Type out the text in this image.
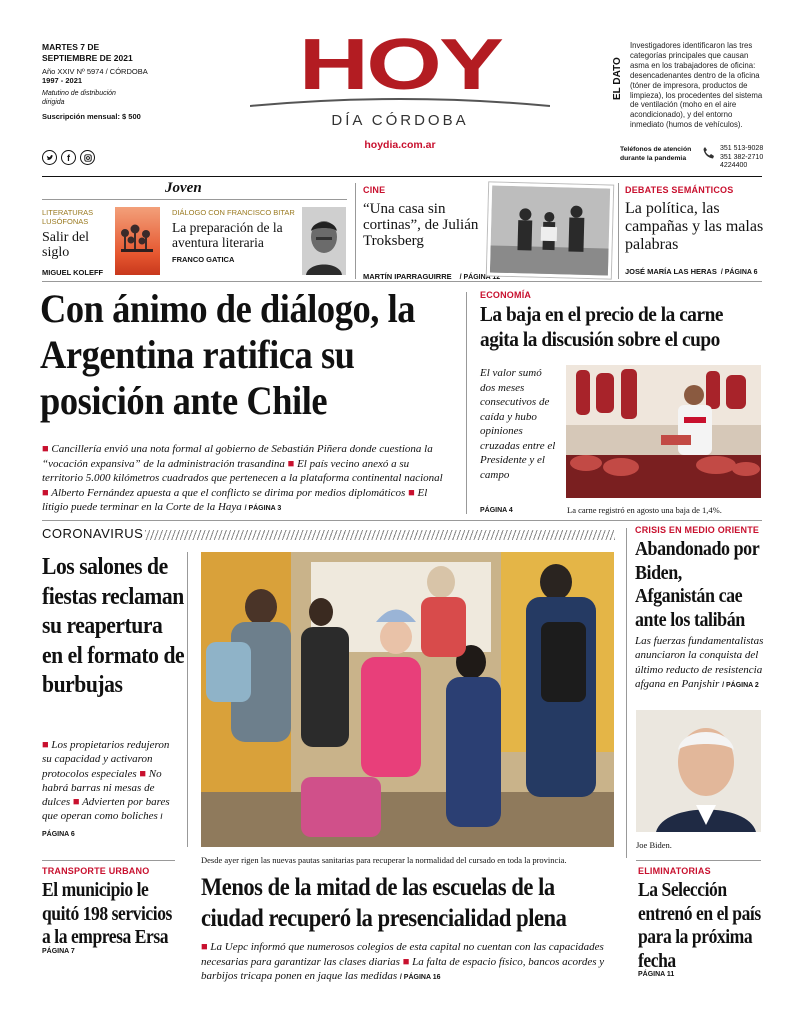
MARTES 7 DE SEPTIEMBRE DE 2021
Año XXIV Nº 5974 / CÓRDOBA
1997 - 2021
Matutino de distribución dirigida
Suscripción mensual: $ 500
f
HOY
DÍA CÓRDOBA
hoydia.com.ar
EL DATO
Investigadores identificaron las tres categorías principales que causan asma en los trabajadores de oficina: desencadenantes dentro de la oficina (tóner de impresora, productos de limpieza), los procedentes del sistema de ventilación (moho en el aire acondicionado), y del entorno inmediato (humos de vehículos).
Teléfonos de atención durante la pandemia
351 513-9028
351 382-2710
4224400
Joven
LITERATURAS LUSÓFONAS
Salir del siglo
MIGUEL KOLEFF
DIÁLOGO CON FRANCISCO BITAR
La preparación de la aventura literaria
FRANCO GATICA
CINE
“Una casa sin cortinas”, de Julián Troksberg
MARTÍN IPARRAGUIRRE / PÁGINA 12
DEBATES SEMÁNTICOS
La política, las campañas y las malas palabras
JOSÉ MARÍA LAS HERAS / PÁGINA 6
Con ánimo de diálogo, la Argentina ratifica su posición ante Chile
■ Cancillería envió una nota formal al gobierno de Sebastián Piñera donde cuestiona la “vocación expansiva” de la administración trasandina ■ El país vecino anexó a su territorio 5.000 kilómetros cuadrados que pertenecen a la plataforma continental nacional ■ Alberto Fernández apuesta a que el conflicto se dirima por medios diplomáticos ■ El litigio puede terminar en la Corte de la Haya / PÁGINA 3
ECONOMÍA
La baja en el precio de la carne agita la discusión sobre el cupo
El valor sumó dos meses consecutivos de caída y hubo opiniones cruzadas entre el Presidente y el campo
PÁGINA 4	La carne registró en agosto una baja de 1,4%.
CORONAVIRUS
Los salones de fiestas reclaman su reapertura en el formato de burbujas
■ Los propietarios redujeron su capacidad y activaron protocolos especiales ■ No habrá barras ni mesas de dulces ■ Advierten por bares que operan como boliches / PÁGINA 6
Desde ayer rigen las nuevas pautas sanitarias para recuperar la normalidad del cursado en toda la provincia.
CRISIS EN MEDIO ORIENTE
Abandonado por Biden, Afganistán cae ante los talibán
Las fuerzas fundamentalistas anunciaron la conquista del último reducto de resistencia afgana en Panjshir / PÁGINA 2
Joe Biden.
TRANSPORTE URBANO
El municipio le quitó 198 servicios a la empresa Ersa
PÁGINA 7
Menos de la mitad de las escuelas de la ciudad recuperó la presencialidad plena
■ La Uepc informó que numerosos colegios de esta capital no cuentan con las capacidades necesarias para garantizar las clases diarias ■ La falta de espacio físico, bancos acordes y barbijos tricapa ponen en jaque las medidas / PÁGINA 16
ELIMINATORIAS
La Selección entrenó en el país para la próxima fecha
PÁGINA 11
